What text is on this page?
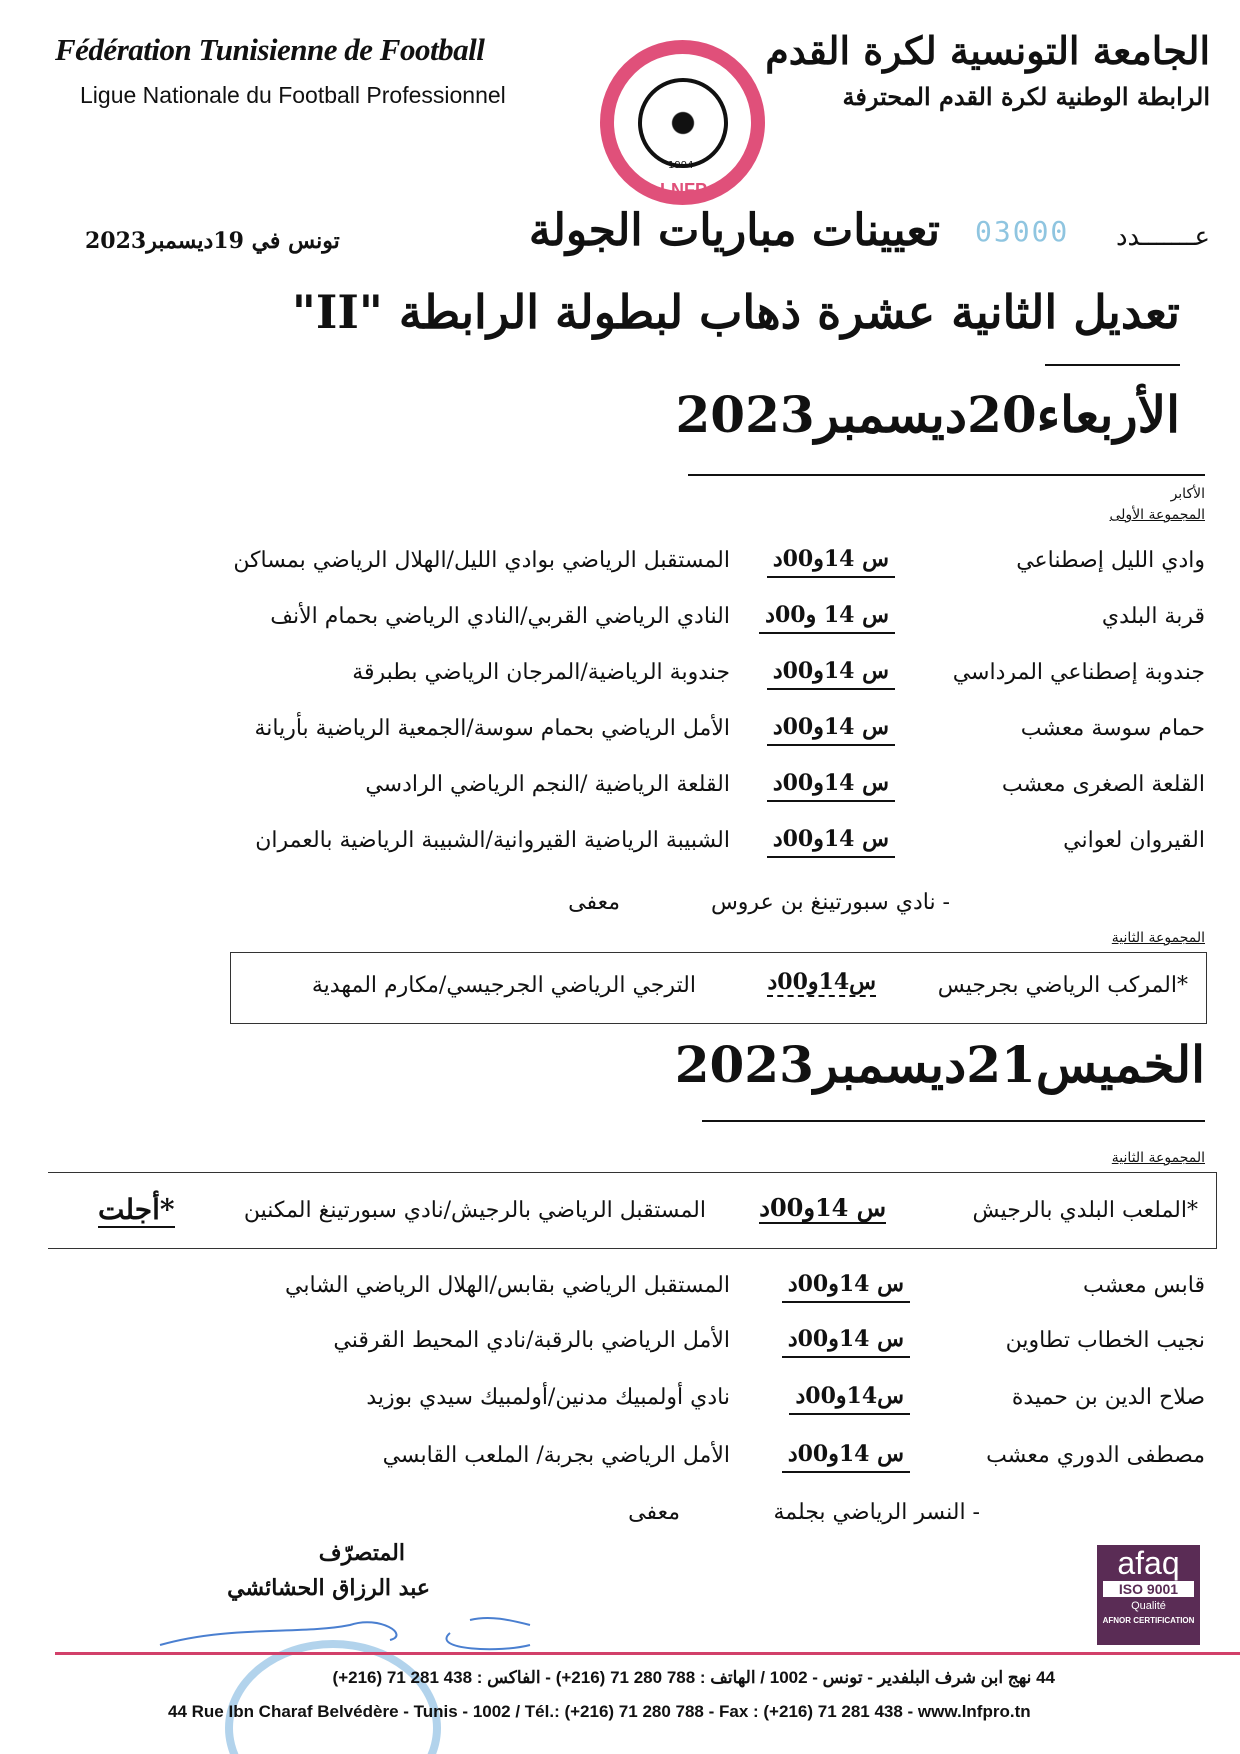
Fédération Tunisienne de Football
Ligue Nationale du Football Professionnel
الجامعة التونسية لكرة القدم
الرابطة الوطنية لكرة القدم المحترفة
LNFP
1994
تعيينات مباريات الجولة 03000 عـــــــدد
تونس في 19ديسمبر2023
تعديل الثانية عشرة ذهاب لبطولة الرابطة "II"
الأربعاء20ديسمبر2023
الأكابر
المجموعة الأولى
وادي الليل إصطناعي
س 14و00د
المستقبل الرياضي بوادي الليل/الهلال الرياضي بمساكن
قربة البلدي
س 14 و00د
النادي الرياضي القربي/النادي الرياضي بحمام الأنف
جندوبة إصطناعي المرداسي
س 14و00د
جندوبة الرياضية/المرجان الرياضي بطبرقة
حمام سوسة معشب
س 14و00د
الأمل الرياضي بحمام سوسة/الجمعية الرياضية بأريانة
القلعة الصغرى معشب
س 14و00د
القلعة الرياضية /النجم الرياضي الرادسي
القيروان لعواني
س 14و00د
الشبيبة الرياضية القيروانية/الشبيبة الرياضية بالعمران
- نادي سبورتينغ بن عروس
معفى
المجموعة الثانية
*المركب الرياضي بجرجيس
س14و00د
الترجي الرياضي الجرجيسي/مكارم المهدية
الخميس21ديسمبر2023
المجموعة الثانية
*الملعب البلدي بالرجيش
س 14و00د
المستقبل الرياضي بالرجيش/نادي سبورتينغ المكنين
*أجلت
قابس معشب
س 14و00د
المستقبل الرياضي بقابس/الهلال الرياضي الشابي
نجيب الخطاب تطاوين
س 14و00د
الأمل الرياضي بالرقبة/نادي المحيط القرقني
صلاح الدين بن حميدة
س14و00د
نادي أولمبيك مدنين/أولمبيك سيدي بوزيد
مصطفى الدوري معشب
س 14و00د
الأمل الرياضي بجربة/ الملعب القابسي
- النسر الرياضي بجلمة
معفى
المتصرّف
عبد الرزاق الحشائشي
afaq
ISO 9001
Qualité
AFNOR CERTIFICATION
44 نهج ابن شرف البلفدير - تونس - 1002 / الهاتف : 788 280 71 (216+) - الفاكس : 438 281 71 (216+)
44 Rue Ibn Charaf Belvédère - Tunis - 1002 / Tél.: (+216) 71 280 788 - Fax : (+216) 71 281 438 - www.lnfpro.tn
